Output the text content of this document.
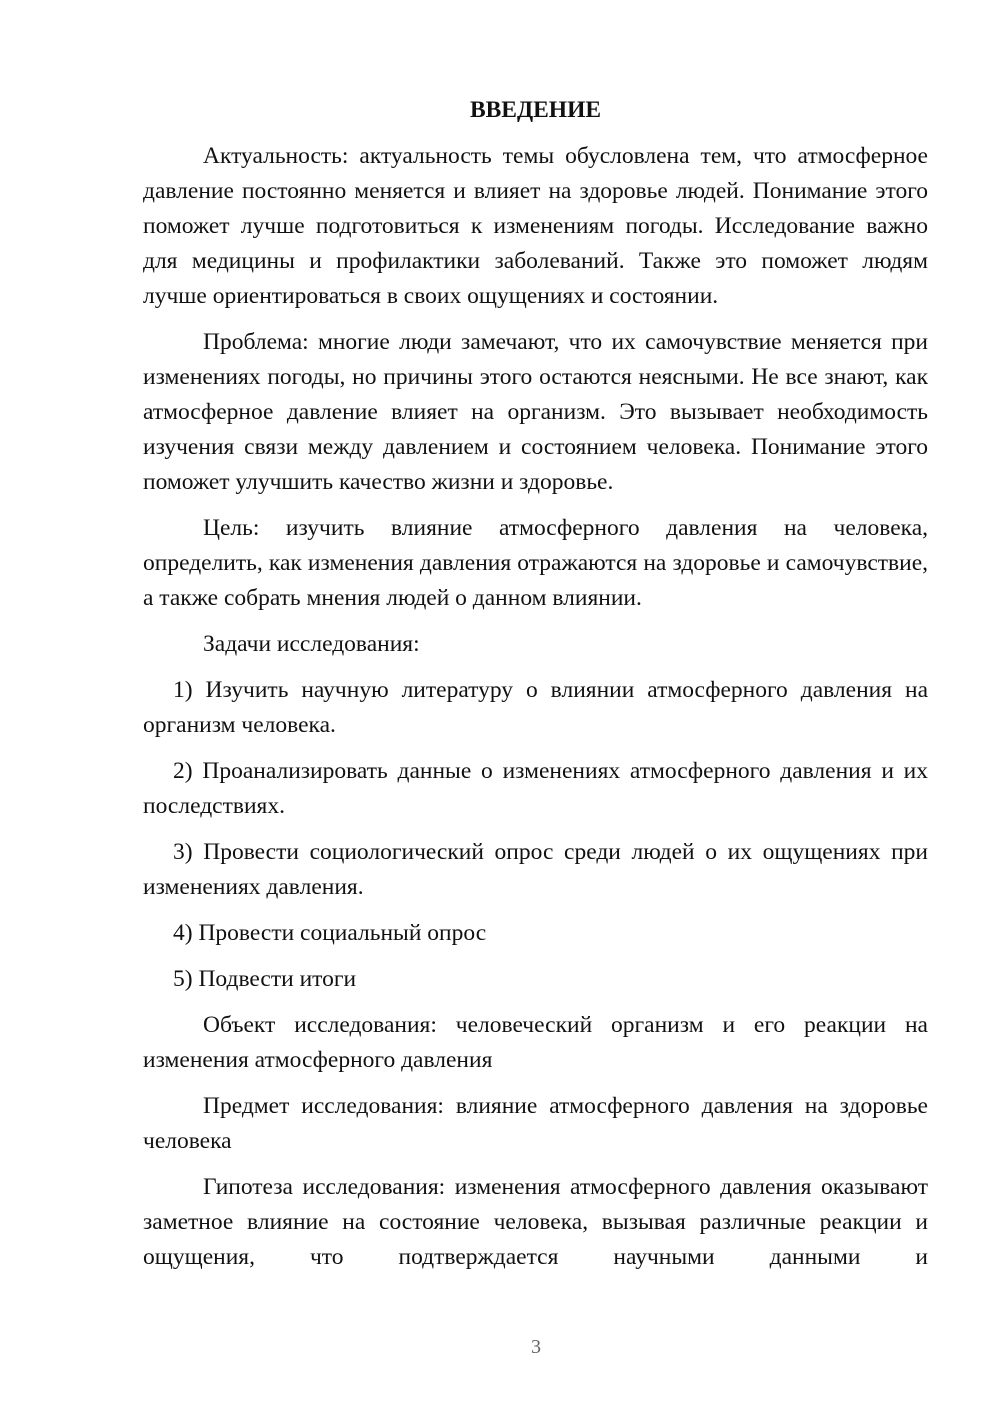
ВВЕДЕНИЕ

Актуальность: актуальность темы обусловлена тем, что атмосферное давление постоянно меняется и влияет на здоровье людей. Понимание этого поможет лучше подготовиться к изменениям погоды. Исследование важно для медицины и профилактики заболеваний. Также это поможет людям лучше ориентироваться в своих ощущениях и состоянии.

Проблема: многие люди замечают, что их самочувствие меняется при изменениях погоды, но причины этого остаются неясными. Не все знают, как атмосферное давление влияет на организм. Это вызывает необходимость изучения связи между давлением и состоянием человека. Понимание этого поможет улучшить качество жизни и здоровье.

Цель: изучить влияние атмосферного давления на человека, определить, как изменения давления отражаются на здоровье и самочувствие, а также собрать мнения людей о данном влиянии.

Задачи исследования:

1) Изучить научную литературу о влиянии атмосферного давления на организм человека.

2) Проанализировать данные о изменениях атмосферного давления и их последствиях.

3) Провести социологический опрос среди людей о их ощущениях при изменениях давления.

4) Провести социальный опрос

5) Подвести итоги

Объект исследования: человеческий организм и его реакции на изменения атмосферного давления

Предмет исследования: влияние атмосферного давления на здоровье человека

Гипотеза исследования: изменения атмосферного давления оказывают заметное влияние на состояние человека, вызывая различные реакции и ощущения, что подтверждается научными данными и

3
